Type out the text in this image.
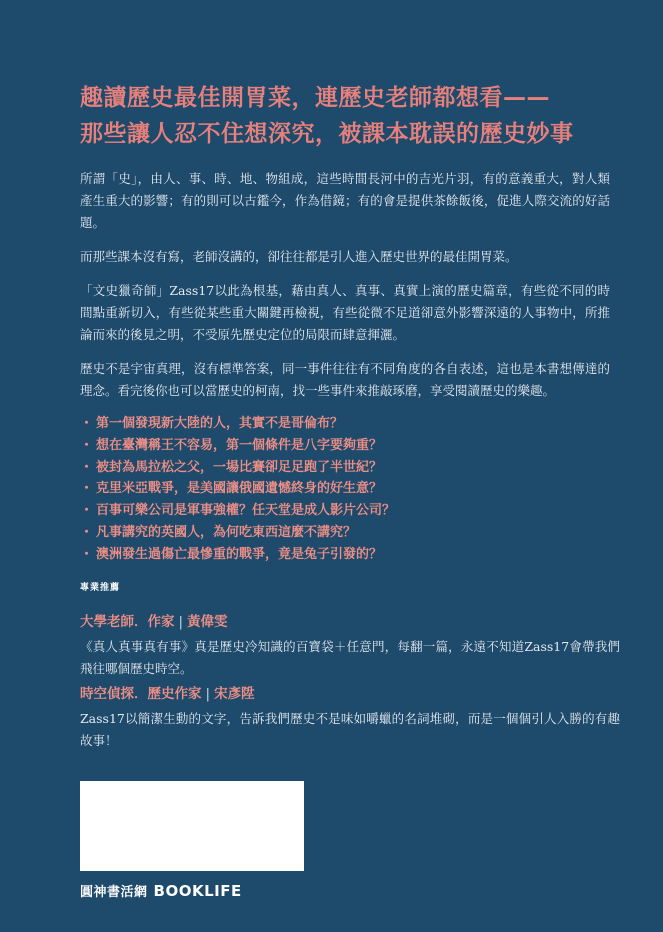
趣讀歷史最佳開胃菜，連歷史老師都想看——
那些讓人忍不住想深究，被課本耽誤的歷史妙事

所謂「史」，由人、事、時、地、物組成，這些時間長河中的吉光片羽，有的意義重大，對人類產生重大的影響；有的則可以古鑑今，作為借鏡；有的會是提供茶餘飯後，促進人際交流的好話題。

而那些課本沒有寫，老師沒講的，卻往往都是引人進入歷史世界的最佳開胃菜。

「文史獵奇師」Zass17以此為根基，藉由真人、真事、真實上演的歷史篇章，有些從不同的時間點重新切入，有些從某些重大關鍵再檢視，有些從微不足道卻意外影響深遠的人事物中，所推論而來的後見之明，不受原先歷史定位的局限而肆意揮灑。

歷史不是宇宙真理，沒有標準答案，同一事件往往有不同角度的各自表述，這也是本書想傳達的理念。看完後你也可以當歷史的柯南，找一些事件來推敲琢磨，享受閱讀歷史的樂趣。

・ 第一個發現新大陸的人，其實不是哥倫布？
・ 想在臺灣稱王不容易，第一個條件是八字要夠重？
・ 被封為馬拉松之父，一場比賽卻足足跑了半世紀？
・ 克里米亞戰爭，是美國讓俄國遺憾終身的好生意？
・ 百事可樂公司是軍事強權？任天堂是成人影片公司？
・ 凡事講究的英國人，為何吃東西這麼不講究？
・ 澳洲發生過傷亡最慘重的戰爭，竟是兔子引發的？
專業推薦
大學老師．作家 | 黃偉雯
《真人真事真有事》真是歷史冷知識的百寶袋＋任意門，每翻一篇，永遠不知道Zass17會帶我們飛往哪個歷史時空。
時空偵探．歷史作家 | 宋彥陞
Zass17以簡潔生動的文字，告訴我們歷史不是味如嚼蠟的名詞堆砌，而是一個個引人入勝的有趣故事！
圓神書活網 BOOKLIFE
